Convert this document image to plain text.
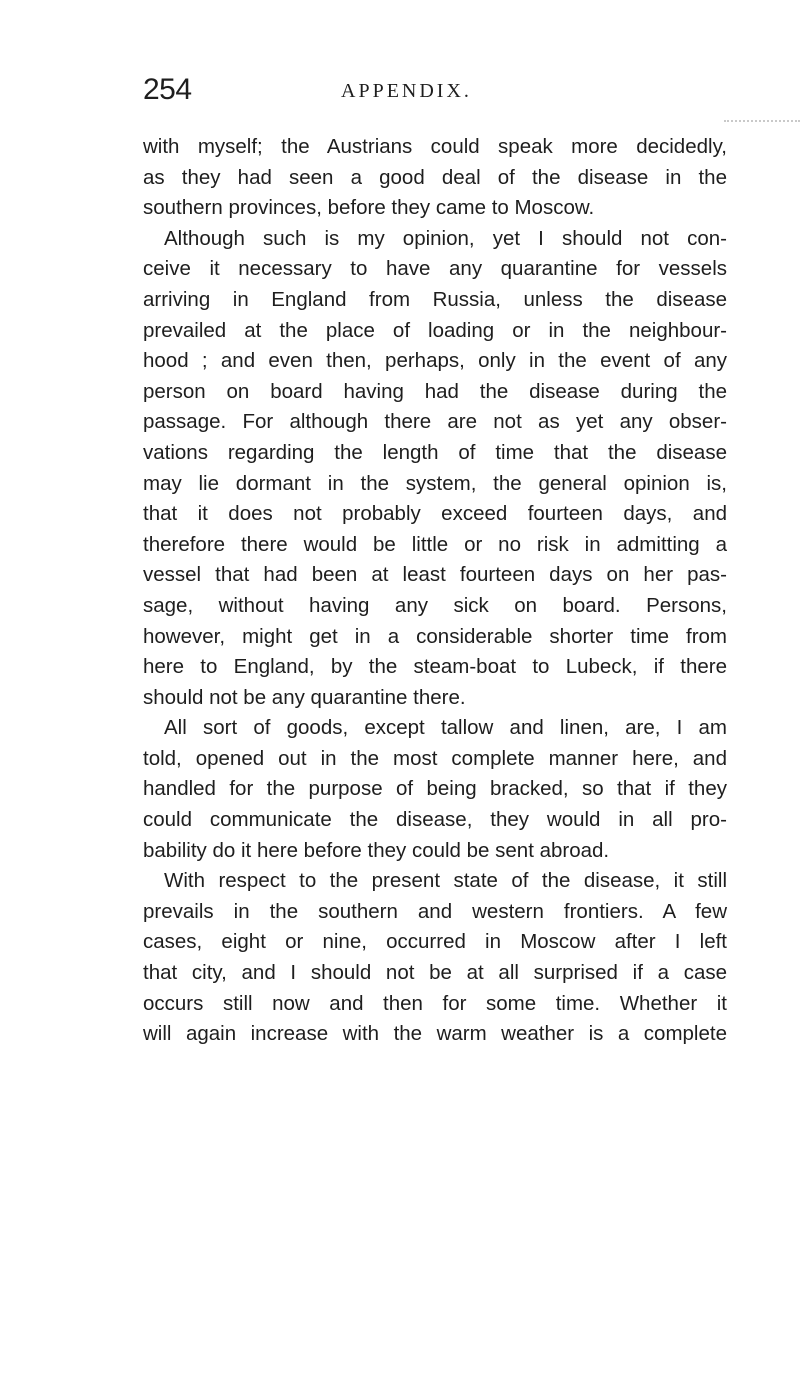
254	APPENDIX.
with myself; the Austrians could speak more decidedly,
as they had seen a good deal of the disease in the
southern provinces, before they came to Moscow.
Although such is my opinion, yet I should not con-
ceive it necessary to have any quarantine for vessels
arriving in England from Russia, unless the disease
prevailed at the place of loading or in the neighbour-
hood ; and even then, perhaps, only in the event of any
person on board having had the disease during the
passage. For although there are not as yet any obser-
vations regarding the length of time that the disease
may lie dormant in the system, the general opinion is,
that it does not probably exceed fourteen days, and
therefore there would be little or no risk in admitting a
vessel that had been at least fourteen days on her pas-
sage, without having any sick on board. Persons,
however, might get in a considerable shorter time from
here to England, by the steam-boat to Lubeck, if there
should not be any quarantine there.
All sort of goods, except tallow and linen, are, I am
told, opened out in the most complete manner here, and
handled for the purpose of being bracked, so that if they
could communicate the disease, they would in all pro-
bability do it here before they could be sent abroad.
With respect to the present state of the disease, it still
prevails in the southern and western frontiers. A few
cases, eight or nine, occurred in Moscow after I left
that city, and I should not be at all surprised if a case
occurs still now and then for some time. Whether it
will again increase with the warm weather is a complete
